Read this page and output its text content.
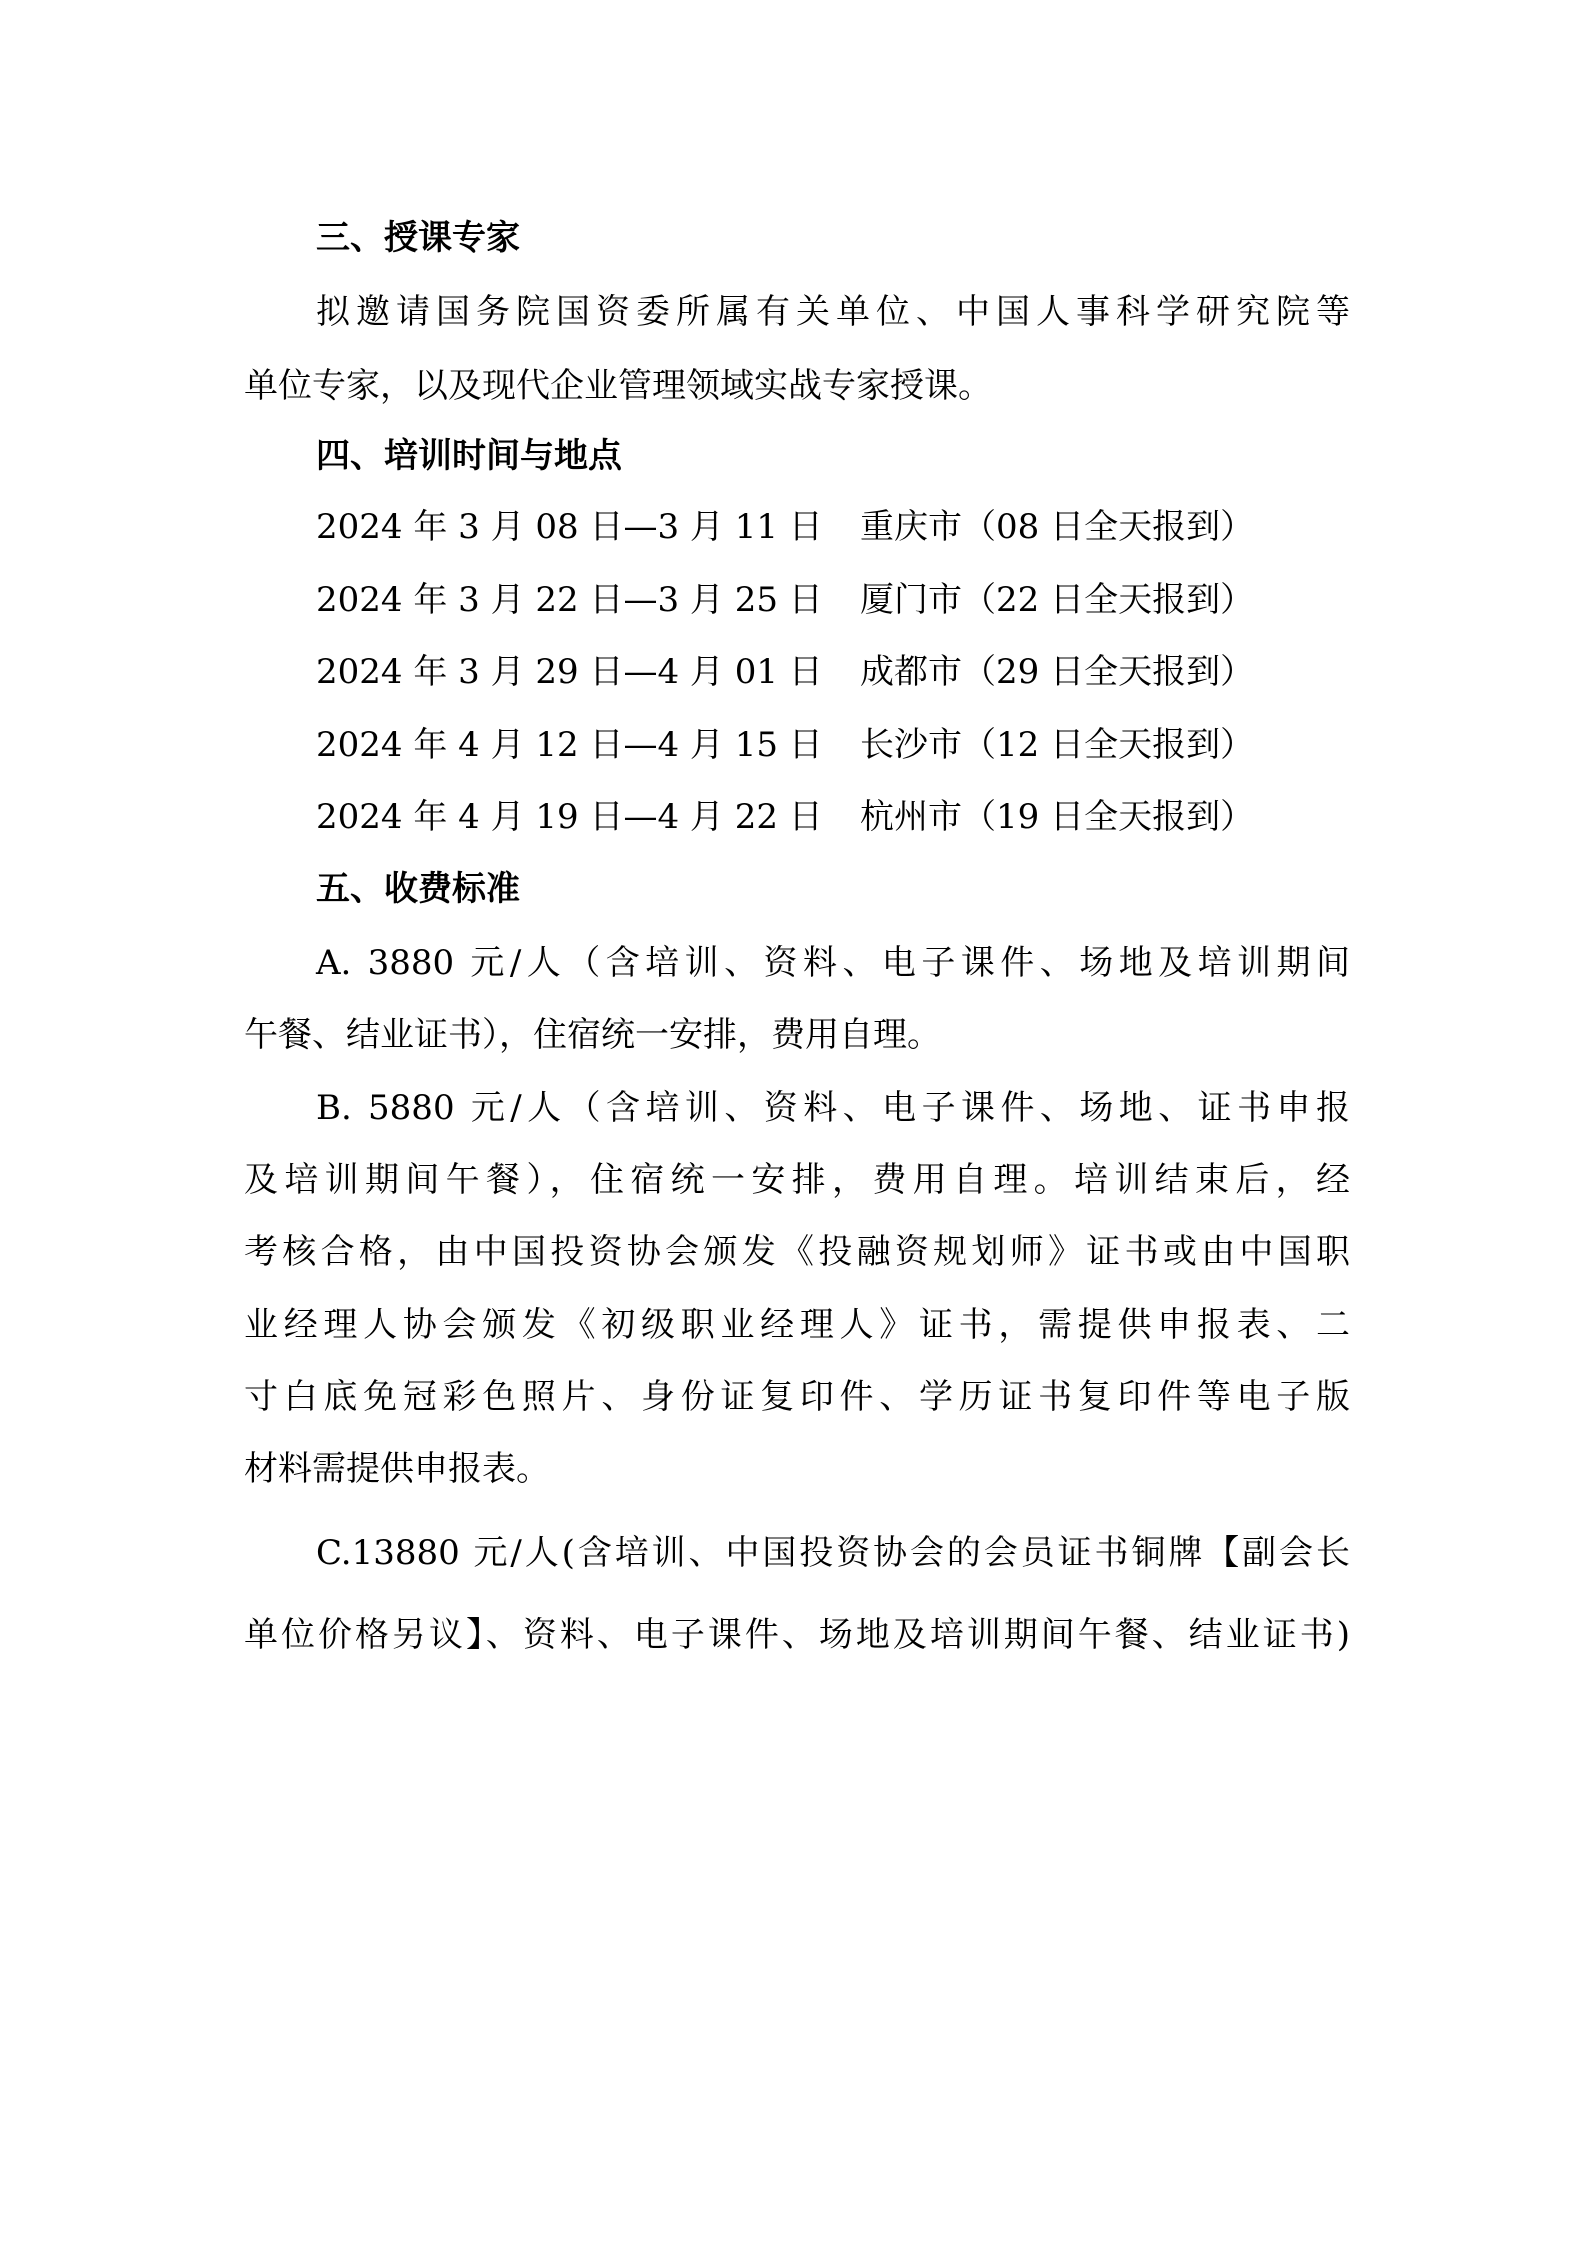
三、授课专家
拟邀请国务院国资委所属有关单位、中国人事科学研究院等
单位专家，以及现代企业管理领域实战专家授课。
四、培训时间与地点
2024 年 3 月 08 日—3 月 11 日 重庆市（08 日全天报到）
2024 年 3 月 22 日—3 月 25 日 厦门市（22 日全天报到）
2024 年 3 月 29 日—4 月 01 日 成都市（29 日全天报到）
2024 年 4 月 12 日—4 月 15 日 长沙市（12 日全天报到）
2024 年 4 月 19 日—4 月 22 日 杭州市（19 日全天报到）
五、收费标准
A. 3880 元/人（含培训、资料、电子课件、场地及培训期间
午餐、结业证书），住宿统一安排，费用自理。
B. 5880 元/人（含培训、资料、电子课件、场地、证书申报
及培训期间午餐），住宿统一安排，费用自理。培训结束后，经
考核合格，由中国投资协会颁发《投融资规划师》证书或由中国职
业经理人协会颁发《初级职业经理人》证书，需提供申报表、二
寸白底免冠彩色照片、身份证复印件、学历证书复印件等电子版
材料需提供申报表。
C.13880 元/人(含培训、中国投资协会的会员证书铜牌【副会长
单位价格另议】、资料、电子课件、场地及培训期间午餐、结业证书)
